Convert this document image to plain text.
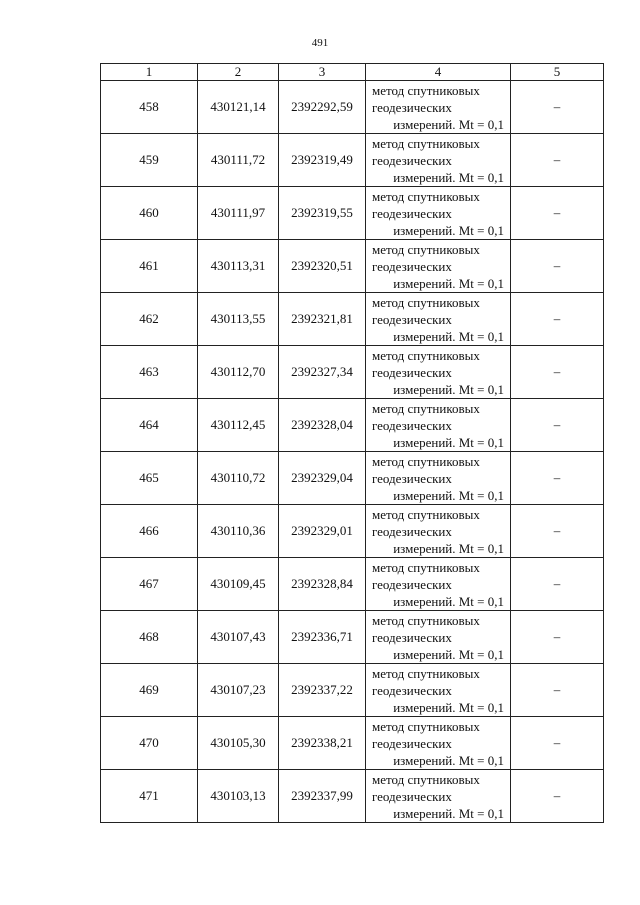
491
1	2	3	4	5
458	430121,14	2392292,59	метод спутниковых
геодезических
измерений. Mt = 0,1	–
459	430111,72	2392319,49	метод спутниковых
геодезических
измерений. Mt = 0,1	–
460	430111,97	2392319,55	метод спутниковых
геодезических
измерений. Mt = 0,1	–
461	430113,31	2392320,51	метод спутниковых
геодезических
измерений. Mt = 0,1	–
462	430113,55	2392321,81	метод спутниковых
геодезических
измерений. Mt = 0,1	–
463	430112,70	2392327,34	метод спутниковых
геодезических
измерений. Mt = 0,1	–
464	430112,45	2392328,04	метод спутниковых
геодезических
измерений. Mt = 0,1	–
465	430110,72	2392329,04	метод спутниковых
геодезических
измерений. Mt = 0,1	–
466	430110,36	2392329,01	метод спутниковых
геодезических
измерений. Mt = 0,1	–
467	430109,45	2392328,84	метод спутниковых
геодезических
измерений. Mt = 0,1	–
468	430107,43	2392336,71	метод спутниковых
геодезических
измерений. Mt = 0,1	–
469	430107,23	2392337,22	метод спутниковых
геодезических
измерений. Mt = 0,1	–
470	430105,30	2392338,21	метод спутниковых
геодезических
измерений. Mt = 0,1	–
471	430103,13	2392337,99	метод спутниковых
геодезических
измерений. Mt = 0,1	–
